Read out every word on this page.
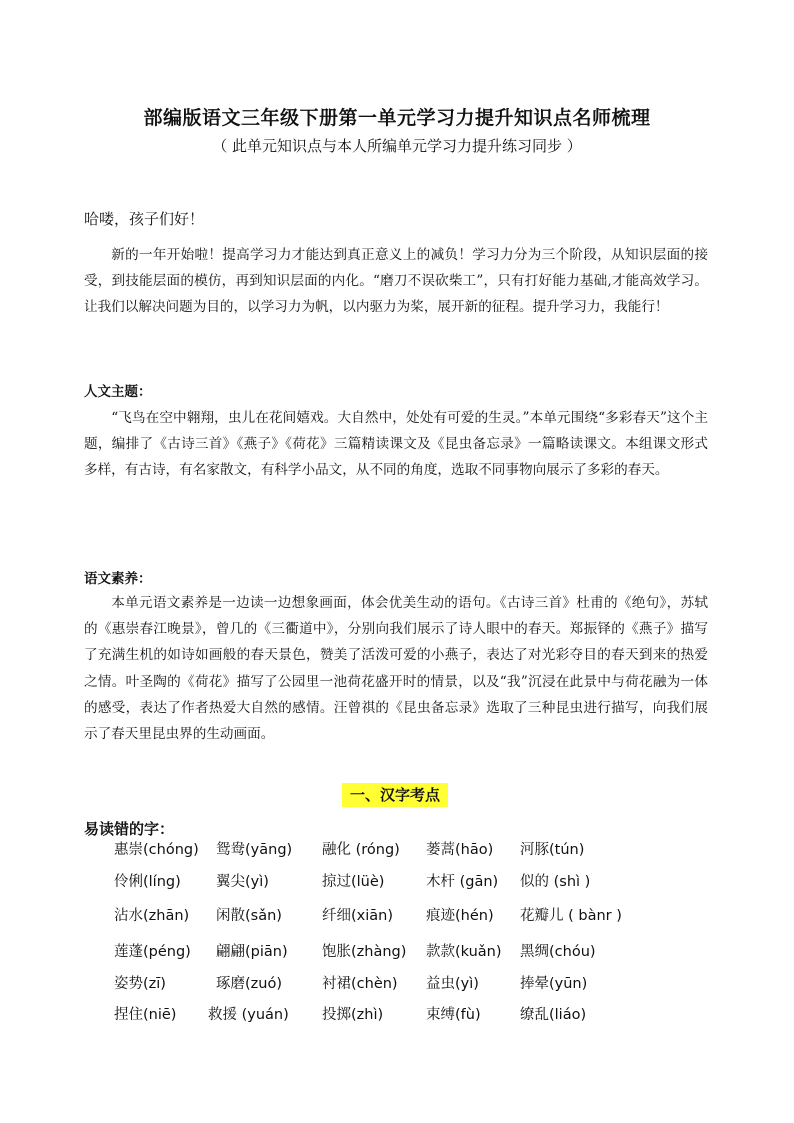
部编版语文三年级下册第一单元学习力提升知识点名师梳理
（ 此单元知识点与本人所编单元学习力提升练习同步 ）
哈喽，孩子们好！

新的一年开始啦！提高学习力才能达到真正意义上的减负！学习力分为三个阶段，从知识层面的接受，到技能层面的模仿，再到知识层面的内化。“磨刀不误砍柴工”，只有打好能力基础,才能高效学习。让我们以解决问题为目的，以学习力为帆，以内驱力为桨，展开新的征程。提升学习力，我能行！

人文主题：

“飞鸟在空中翱翔，虫儿在花间嬉戏。大自然中，处处有可爱的生灵。”本单元围绕“多彩春天”这个主题，编排了《古诗三首》《燕子》《荷花》三篇精读课文及《昆虫备忘录》一篇略读课文。本组课文形式多样，有古诗，有名家散文，有科学小品文，从不同的角度，选取不同事物向展示了多彩的春天。

语文素养：

本单元语文素养是一边读一边想象画面，体会优美生动的语句。《古诗三首》杜甫的《绝句》，苏轼的《惠崇春江晚景》，曾几的《三衢道中》，分别向我们展示了诗人眼中的春天。郑振铎的《燕子》描写了充满生机的如诗如画般的春天景色，赞美了活泼可爱的小燕子，表达了对光彩夺目的春天到来的热爱之情。叶圣陶的《荷花》描写了公园里一池荷花盛开时的情景，以及“我”沉浸在此景中与荷花融为一体的感受，表达了作者热爱大自然的感情。汪曾祺的《昆虫备忘录》选取了三种昆虫进行描写，向我们展示了春天里昆虫界的生动画面。

一、汉字考点
易读错的字：
惠崇(chóng) 鸳鸯(yāng) 融化 (róng) 蒌蒿(hāo) 河豚(tún)
伶俐(líng) 翼尖(yì)	掠过(lüè)	木杆 (gān) 似的 (shì )
沾水(zhān) 闲散(sǎn)	纤细(xiān) 痕迹(hén) 花瓣儿 ( bànr )
莲蓬(péng) 翩翩(piān) 饱胀(zhàng) 款款(kuǎn) 黑绸(chóu)
姿势(zī)	琢磨(zuó)	衬裙(chèn) 益虫(yì)	捧晕(yūn)
捏住(niē) 救援 (yuán) 投掷(zhì)	束缚(fù)	缭乱(liáo)
